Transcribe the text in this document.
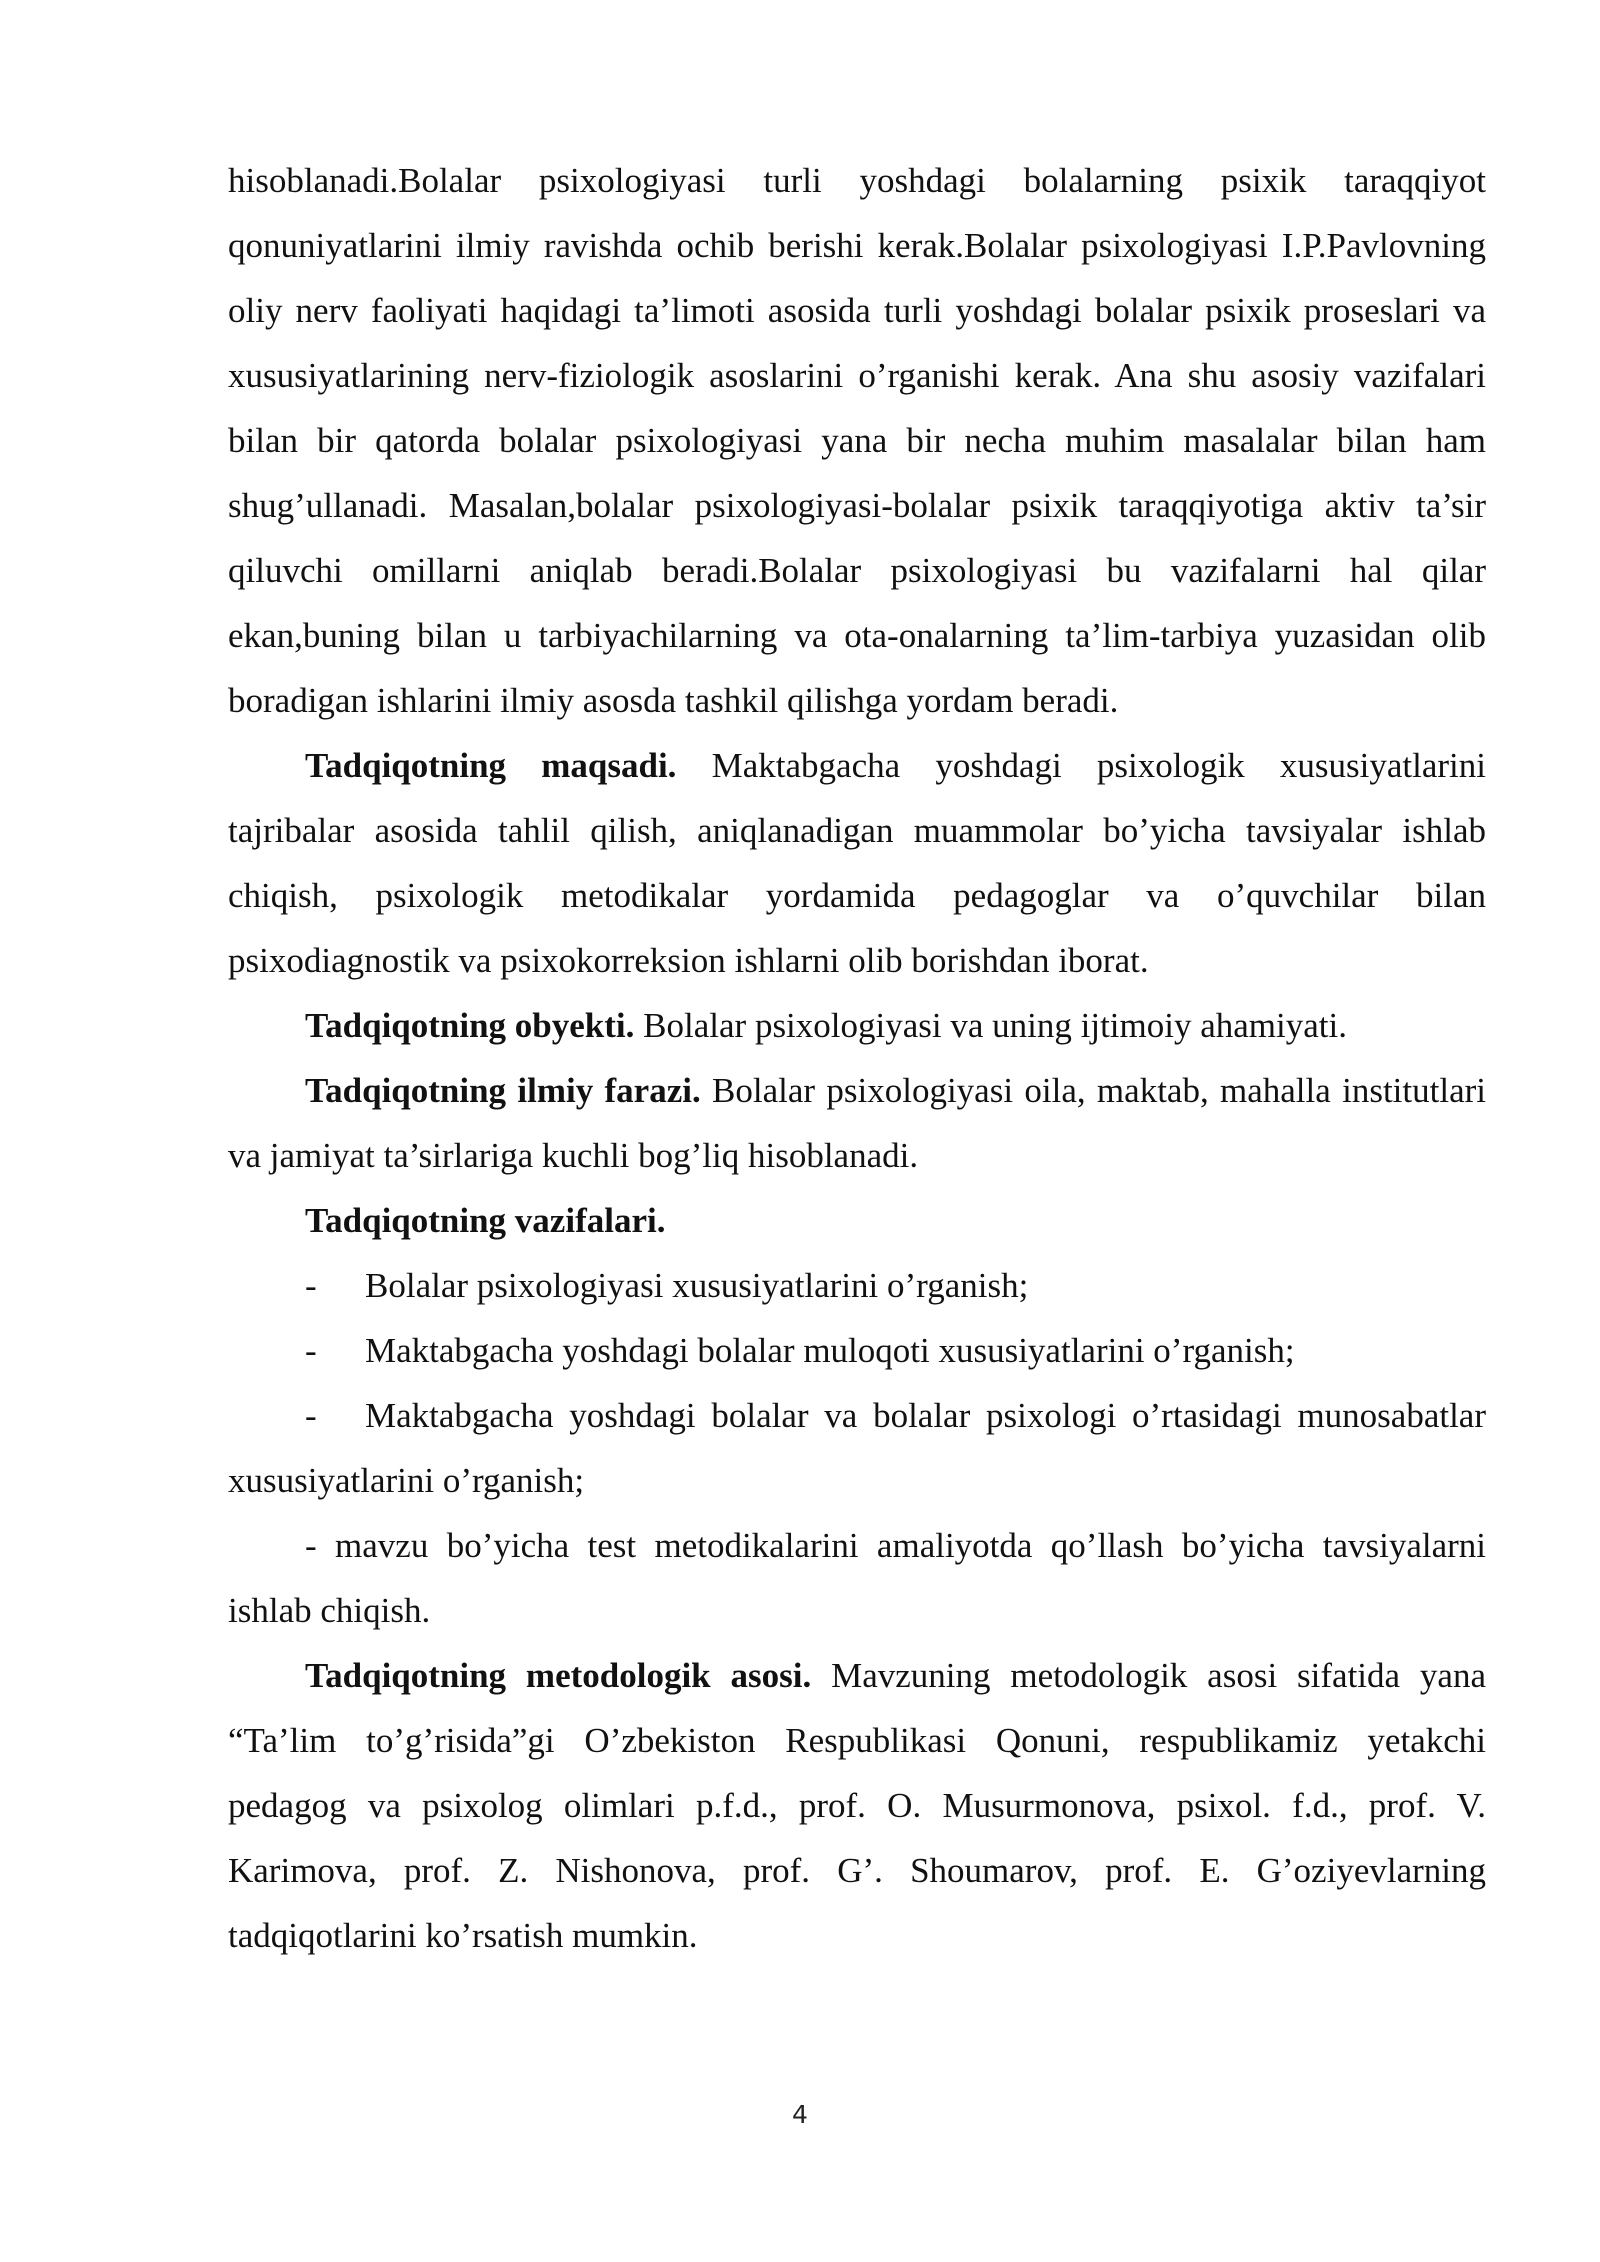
hisoblanadi.Bolalar psixologiyasi turli yoshdagi bolalarning psixik taraqqiyot qonuniyatlarini ilmiy ravishda ochib berishi kerak.Bolalar psixologiyasi I.P.Pavlovning oliy nerv faoliyati haqidagi ta’limoti asosida turli yoshdagi bolalar psixik proseslari va xususiyatlarining nerv-fiziologik asoslarini o’rganishi kerak. Ana shu asosiy vazifalari bilan bir qatorda bolalar psixologiyasi yana bir necha muhim masalalar bilan ham shug’ullanadi. Masalan,bolalar psixologiyasi-bolalar psixik taraqqiyotiga aktiv ta’sir qiluvchi omillarni aniqlab beradi.Bolalar psixologiyasi bu vazifalarni hal qilar ekan,buning bilan u tarbiyachilarning va ota-onalarning ta’lim-tarbiya yuzasidan olib boradigan ishlarini ilmiy asosda tashkil qilishga yordam beradi.

Tadqiqotning maqsadi. Maktabgacha yoshdagi psixologik xususiyatlarini tajribalar asosida tahlil qilish, aniqlanadigan muammolar bo’yicha tavsiyalar ishlab chiqish, psixologik metodikalar yordamida pedagoglar va o’quvchilar bilan psixodiagnostik va psixokorreksion ishlarni olib borishdan iborat.

Tadqiqotning obyekti. Bolalar psixologiyasi va uning ijtimoiy ahamiyati.

Tadqiqotning ilmiy farazi. Bolalar psixologiyasi oila, maktab, mahalla institutlari va jamiyat ta’sirlariga kuchli bog’liq hisoblanadi.

Tadqiqotning vazifalari.

- Bolalar psixologiyasi xususiyatlarini o’rganish;

- Maktabgacha yoshdagi bolalar muloqoti xususiyatlarini o’rganish;

- Maktabgacha yoshdagi bolalar va bolalar psixologi o’rtasidagi munosabatlar xususiyatlarini o’rganish;

- mavzu bo’yicha test metodikalarini amaliyotda qo’llash bo’yicha tavsiyalarni ishlab chiqish.

Tadqiqotning metodologik asosi. Mavzuning metodologik asosi sifatida yana “Ta’lim to’g’risida”gi O’zbekiston Respublikasi Qonuni, respublikamiz yetakchi pedagog va psixolog olimlari p.f.d., prof. O. Musurmonova, psixol. f.d., prof. V. Karimova, prof. Z. Nishonova, prof. G’. Shoumarov, prof. E. G’oziyevlarning tadqiqotlarini ko’rsatish mumkin.

4
